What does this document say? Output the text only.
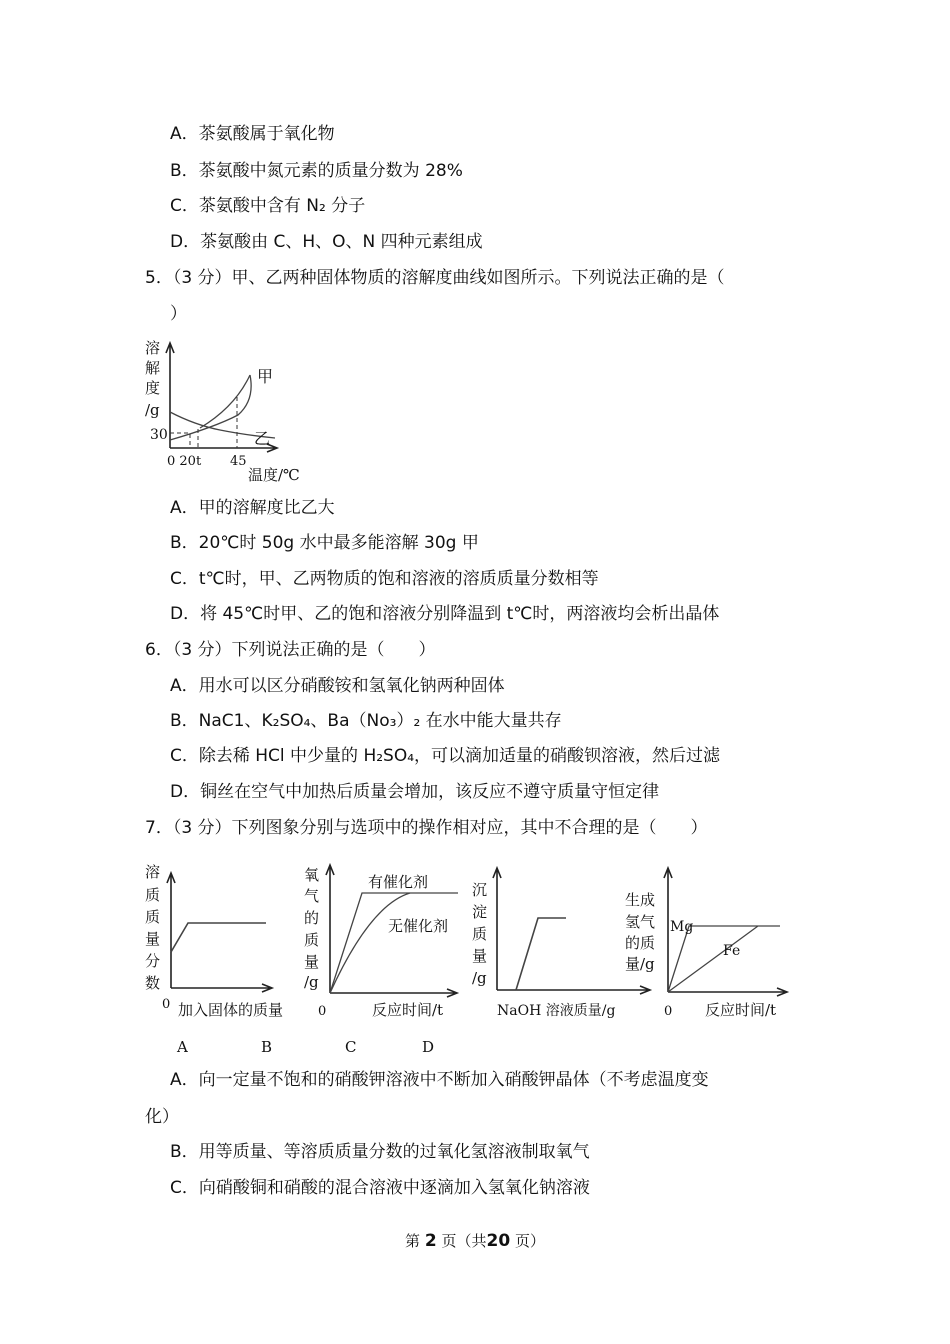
A．茶氨酸属于氧化物
B．茶氨酸中氮元素的质量分数为 28%
C．茶氨酸中含有 N₂ 分子
D．茶氨酸由 C、H、O、N 四种元素组成
5．（3 分）甲、乙两种固体物质的溶解度曲线如图所示。下列说法正确的是（
）
溶
解
度
/g
30
0 20t 45
温度/℃
甲
乙
A．甲的溶解度比乙大
B．20℃时 50g 水中最多能溶解 30g 甲
C．t℃时，甲、乙两物质的饱和溶液的溶质质量分数相等
D．将 45℃时甲、乙的饱和溶液分别降温到 t℃时，两溶液均会析出晶体
6．（3 分）下列说法正确的是（　　）
A．用水可以区分硝酸铵和氢氧化钠两种固体
B．NaC1、K₂SO₄、Ba（No₃）₂ 在水中能大量共存
C．除去稀 HCl 中少量的 H₂SO₄，可以滴加适量的硝酸钡溶液，然后过滤
D．铜丝在空气中加热后质量会增加，该反应不遵守质量守恒定律
7．（3 分）下列图象分别与选项中的操作相对应，其中不合理的是（　　）
溶
质
质
量
分
数
0 加入固体的质量
A
氧
气
的
质
量
/g
有催化剂
无催化剂
0	反应时间/t
B
沉
淀
质
量
/g
NaOH 溶液质量/g
C
生成
氢气
的质
量/g
Mg
Fe
0 反应时间/t
D
A．向一定量不饱和的硝酸钾溶液中不断加入硝酸钾晶体（不考虑温度变
化）
B．用等质量、等溶质质量分数的过氧化氢溶液制取氧气
C．向硝酸铜和硝酸的混合溶液中逐滴加入氢氧化钠溶液
第 2 页（共20 页）
